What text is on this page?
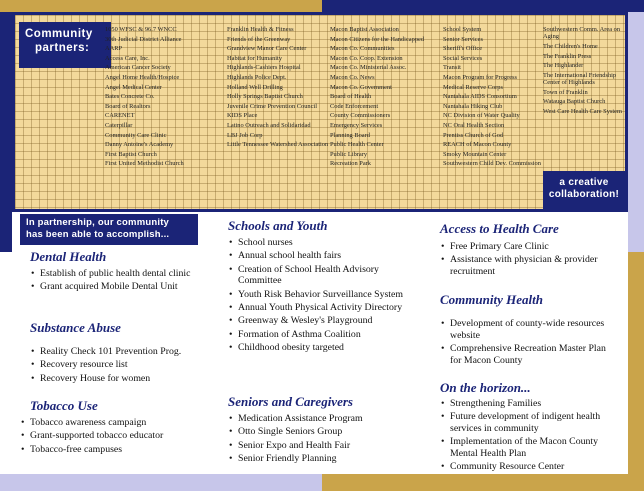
Community
partners:
1050 WFSC & 96.7 WNCC
30th Judicial District Alliance
AARP
Access Care, Inc.
American Cancer Society
Angel Home Health/Hospice
Angel Medical Center
Bates Concrete Co.
Board of Realtors
CARENET
Caterpillar
Community Care Clinic
Danny Antoine's Academy
First Baptist Church
First United Methodist Church
Franklin Health & Fitness
Friends of the Greenway
Grandview Manor Care Center
Habitat for Humanity
Highlands-Cashiers Hospital
Highlands Police Dept.
Holland Well Drilling
Holly Springs Baptist Church
Juvenile Crime Prevention Council
KIDS Place
Latino Outreach and Solidaridad
LBJ Job Corp
Little Tennessee Watershed Association
Macon Baptist Association
Macon Citizens for the Handicapped
Macon Co. Communities
Macon Co. Coop. Extension
Macon Co. Ministerial Assoc.
Macon Co. News
Macon Co. Government
Board of Health
Code Enforcement
County Commissioners
Emergency Services
Planning Board
Public Health Center
Public Library
Recreation Park
School System
Senior Services
Sheriff's Office
Social Services
Transit
Macon Program for Progress
Medical Reserve Corps
Nantahala AIDS Consortium
Nantahala Hiking Club
NC Division of Water Quality
NC Oral Health Section
Prentiss Church of God
REACH of Macon County
Smoky Mountain Center
Southwestern Child Dev. Commission
Southwestern Comm. Area on Aging
The Children's Home
The Franklin Press
The Highlander
The International Friendship Center of Highlands
Town of Franklin
Watauga Baptist Church
West Care Health Care System
a creative
collaboration!
In partnership, our community
has been able to accomplish...
Dental Health
• Establish of public health dental clinic
• Grant acquired Mobile Dental Unit
Substance Abuse
• Reality Check 101 Prevention Prog.
• Recovery resource list
• Recovery House for women
Tobacco Use
• Tobacco awareness campaign
• Grant-supported tobacco educator
• Tobacco-free campuses
Schools and Youth
• School nurses
• Annual school health fairs
• Creation of School Health Advisory Committee
• Youth Risk Behavior Surveillance System
• Annual Youth Physical Activity Directory
• Greenway & Wesley's Playground
• Formation of Asthma Coalition
• Childhood obesity targeted
Seniors and Caregivers
• Medication Assistance Program
• Otto Single Seniors Group
• Senior Expo and Health Fair
• Senior Friendly Planning
Access to Health Care
• Free Primary Care Clinic
• Assistance with physician & provider recruitment
Community Health
• Development of county-wide resources website
• Comprehensive Recreation Master Plan for Macon County
On the horizon...
• Strengthening Families
• Future development of indigent health services in community
• Implementation of the Macon County Mental Health Plan
• Community Resource Center
